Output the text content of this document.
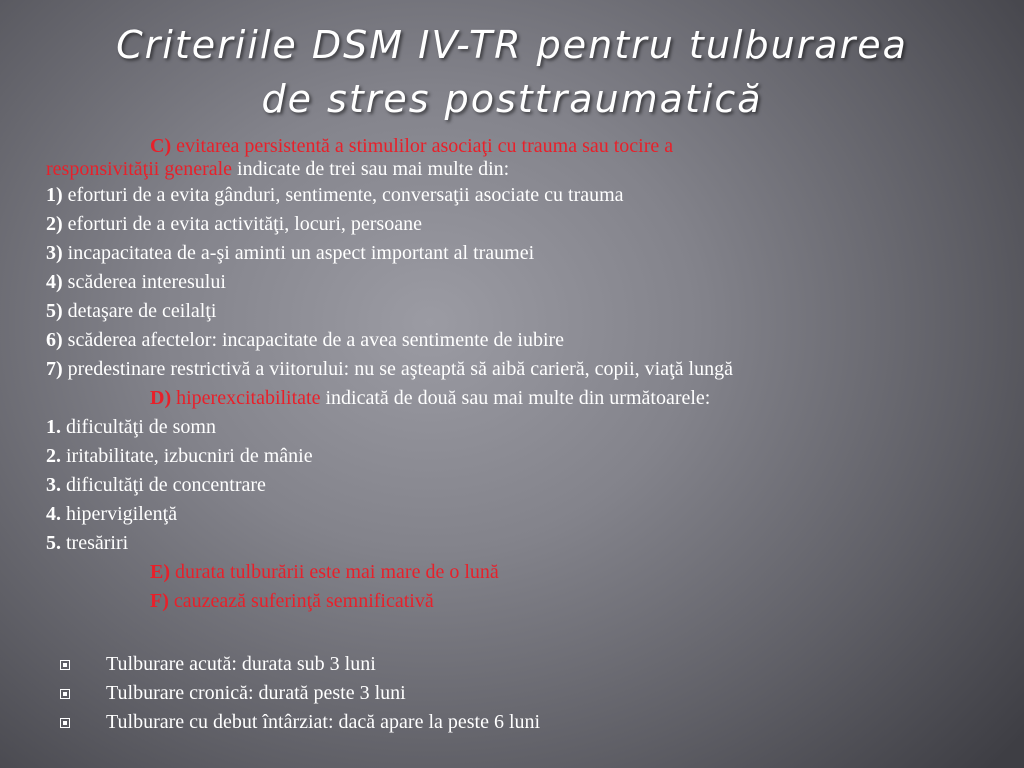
Criteriile DSM IV-TR pentru tulburarea
de stres posttraumatică
C) evitarea persistentă a stimulilor asociaţi cu trauma sau tocire a
responsivităţii generale indicate de trei sau mai multe din:
1) eforturi de a evita gânduri, sentimente, conversaţii asociate cu trauma
2) eforturi de a evita activităţi, locuri, persoane
3) incapacitatea de a-şi aminti un aspect important al traumei
4) scăderea interesului
5) detaşare de ceilalţi
6) scăderea afectelor: incapacitate de a avea sentimente de iubire
7) predestinare restrictivă a viitorului: nu se aşteaptă să aibă carieră, copii, viaţă lungă
D) hiperexcitabilitate indicată de două sau mai multe din următoarele:
1. dificultăţi de somn
2. iritabilitate, izbucniri de mânie
3. dificultăţi de concentrare
4. hipervigilenţă
5. tresăriri
E) durata tulburării este mai mare de o lună
F) cauzează suferinţă semnificativă
Tulburare acută: durata sub 3 luni
Tulburare cronică: durată peste 3 luni
Tulburare cu debut întârziat: dacă apare la peste 6 luni
